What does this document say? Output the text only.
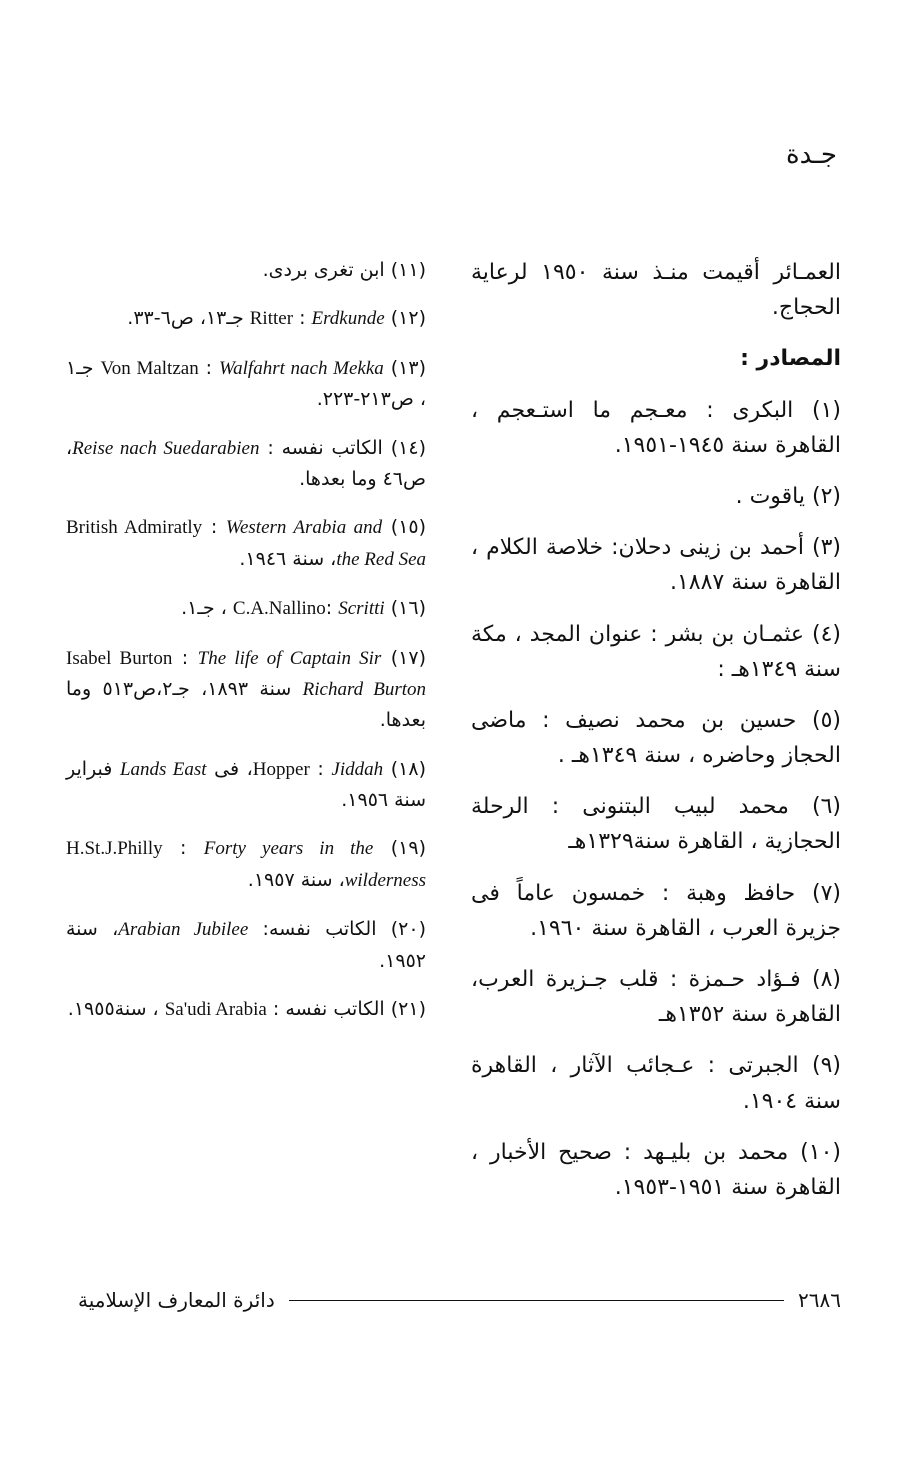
جـدة

العمـائر أقيمت منـذ سنة ١٩٥٠ لرعاية الحجاج.

المصادر :

(١) البكرى : معـجم ما استـعجم ، القاهرة سنة ١٩٤٥-١٩٥١.

(٢) ياقوت .

(٣) أحمد بن زينى دحلان: خلاصة الكلام ، القاهرة سنة ١٨٨٧.

(٤) عثمـان بن بشر : عنوان المجد ، مكة سنة ١٣٤٩هـ :

(٥) حسين بن محمد نصيف : ماضى الحجاز وحاضره ، سنة ١٣٤٩هـ .

(٦) محمد لبيب البتنونى : الرحلة الحجازية ، القاهرة سنة١٣٢٩هـ

(٧) حافظ وهبة : خمسون عاماً فى جزيرة العرب ، القاهرة سنة ١٩٦٠.

(٨) فـؤاد حـمزة : قلب جـزيرة العرب، القاهرة سنة ١٣٥٢هـ

(٩) الجبرتى : عـجائب الآثار ، القاهرة سنة ١٩٠٤.

(١٠) محمد بن بليـهد : صحيح الأخبار ، القاهرة سنة ١٩٥١-١٩٥٣.

(١١) ابن تغرى بردى.

(١٢) Ritter : Erdkunde جـ١٣، ص٦-٣٣.

(١٣) Von Maltzan : Walfahrt nach Mekka جـ١ ، ص٢١٣-٢٢٣.

(١٤) الكاتب نفسه : Reise nach Suedarabien، ص٤٦ وما بعدها.

(١٥) British Admiratly : Western Arabia and the Red Sea، سنة ١٩٤٦.

(١٦) C.A.Nallino: Scritti ، جـ١.

(١٧) Isabel Burton : The life of Captain Sir Richard Burton سنة ١٨٩٣، جـ٢،ص٥١٣ وما بعدها.

(١٨) Hopper : Jiddah، فى Lands East فبراير سنة ١٩٥٦.

(١٩) H.St.J.Philly : Forty years in the wilderness، سنة ١٩٥٧.

(٢٠) الكاتب نفسه: Arabian Jubilee، سنة ١٩٥٢.

(٢١) الكاتب نفسه : Sa'udi Arabia ، سنة١٩٥٥.

٢٦٨٦
دائرة المعارف الإسلامية
